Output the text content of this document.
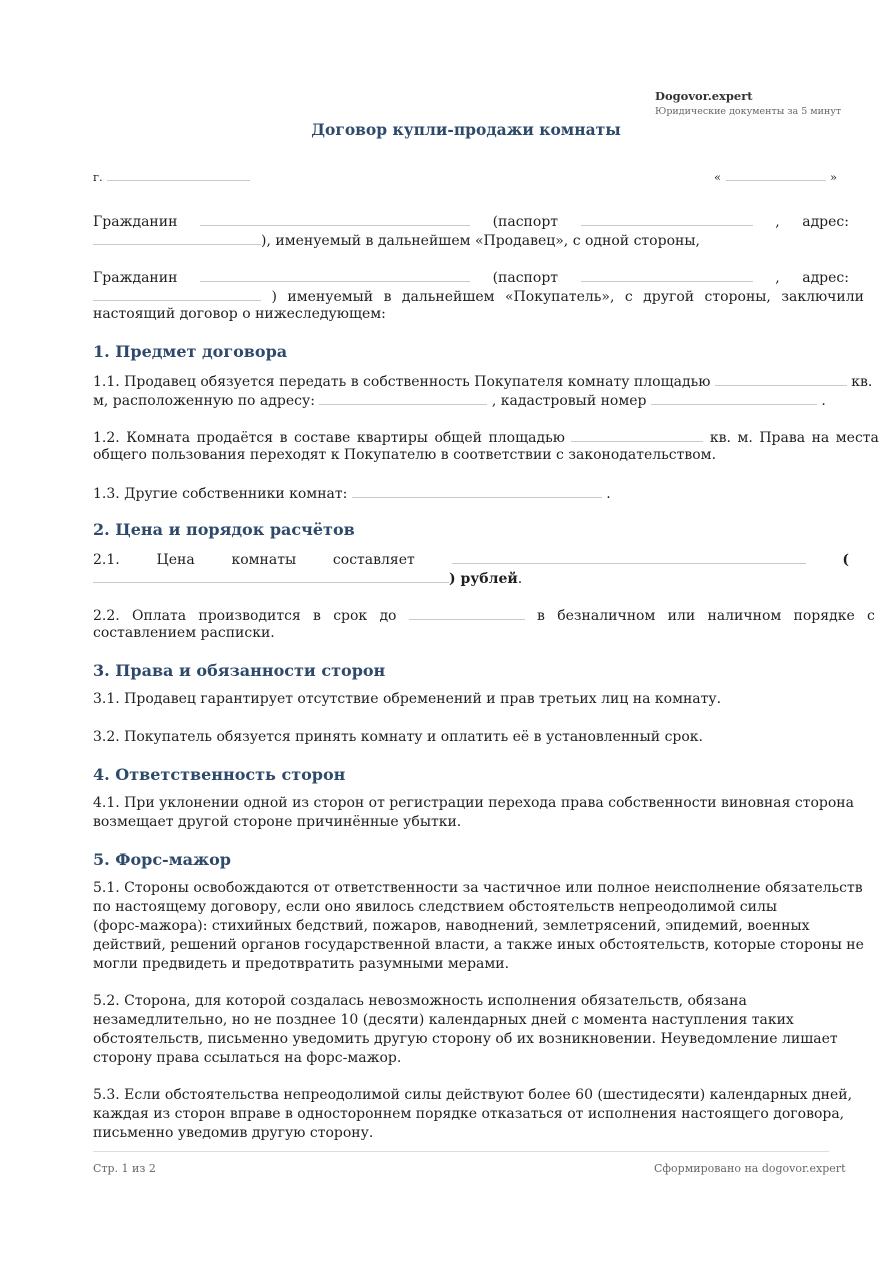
Dogovor.expert
Юридические документы за 5 минут
Договор купли-продажи комнаты
г.	«	»
Гражданин	(паспорт	, адрес:
), именуемый в дальнейшем «Продавец», с одной стороны,
Гражданин	(паспорт	, адрес:
) именуемый в дальнейшем «Покупатель», с другой стороны, заключили
настоящий договор о нижеследующем:
1. Предмет договора
1.1. Продавец обязуется передать в собственность Покупателя комнату площадью	кв.
м, расположенную по адресу:	, кадастровый номер	.
1.2. Комната продаётся в составе квартиры общей площадью	кв. м. Права на места
общего пользования переходят к Покупателю в соответствии с законодательством.
1.3. Другие собственники комнат:	.
2. Цена и порядок расчётов
2.1.	Цена	комнаты	составляет	(
) рублей.
2.2. Оплата производится в срок до	в безналичном или наличном порядке с
составлением расписки.
3. Права и обязанности сторон
3.1. Продавец гарантирует отсутствие обременений и прав третьих лиц на комнату.
3.2. Покупатель обязуется принять комнату и оплатить её в установленный срок.
4. Ответственность сторон
4.1. При уклонении одной из сторон от регистрации перехода права собственности виновная сторона
возмещает другой стороне причинённые убытки.
5. Форс-мажор
5.1. Стороны освобождаются от ответственности за частичное или полное неисполнение обязательств
по настоящему договору, если оно явилось следствием обстоятельств непреодолимой силы
(форс-мажора): стихийных бедствий, пожаров, наводнений, землетрясений, эпидемий, военных
действий, решений органов государственной власти, а также иных обстоятельств, которые стороны не
могли предвидеть и предотвратить разумными мерами.
5.2. Сторона, для которой создалась невозможность исполнения обязательств, обязана
незамедлительно, но не позднее 10 (десяти) календарных дней с момента наступления таких
обстоятельств, письменно уведомить другую сторону об их возникновении. Неуведомление лишает
сторону права ссылаться на форс-мажор.
5.3. Если обстоятельства непреодолимой силы действуют более 60 (шестидесяти) календарных дней,
каждая из сторон вправе в одностороннем порядке отказаться от исполнения настоящего договора,
письменно уведомив другую сторону.
Стр. 1 из 2	Сформировано на dogovor.expert
